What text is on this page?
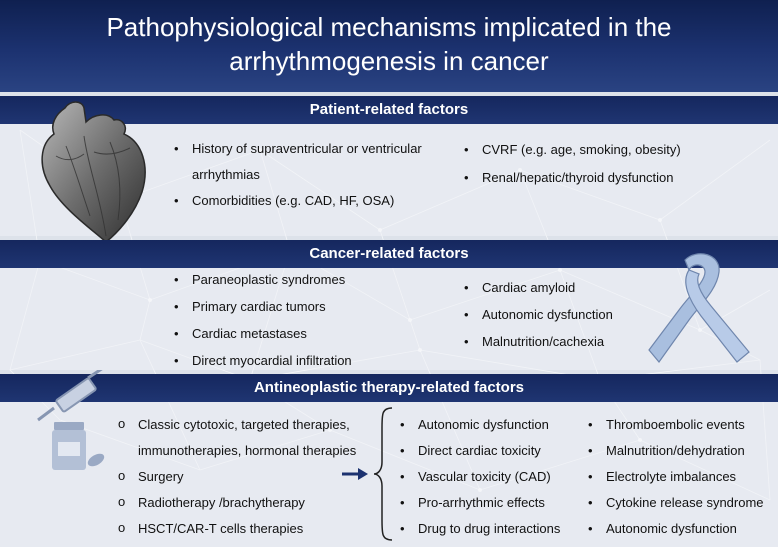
Pathophysiological mechanisms implicated in the
arrhythmogenesis in cancer
Patient-related factors
• History of supraventricular or ventricular
arrhythmias
• Comorbidities (e.g. CAD, HF, OSA)
• CVRF (e.g. age, smoking, obesity)
• Renal/hepatic/thyroid dysfunction
Cancer-related factors
• Paraneoplastic syndromes
• Primary cardiac tumors
• Cardiac metastases
• Direct myocardial infiltration
• Cardiac amyloid
• Autonomic dysfunction
• Malnutrition/cachexia
Antineoplastic therapy-related factors
o Classic cytotoxic, targeted therapies,
immunotherapies, hormonal therapies
o Surgery
o Radiotherapy /brachytherapy
o HSCT/CAR-T cells therapies
• Autonomic dysfunction
• Direct cardiac toxicity
• Vascular toxicity (CAD)
• Pro-arrhythmic effects
• Drug to drug interactions
• Thromboembolic events
• Malnutrition/dehydration
• Electrolyte imbalances
• Cytokine release syndrome
• Autonomic dysfunction
